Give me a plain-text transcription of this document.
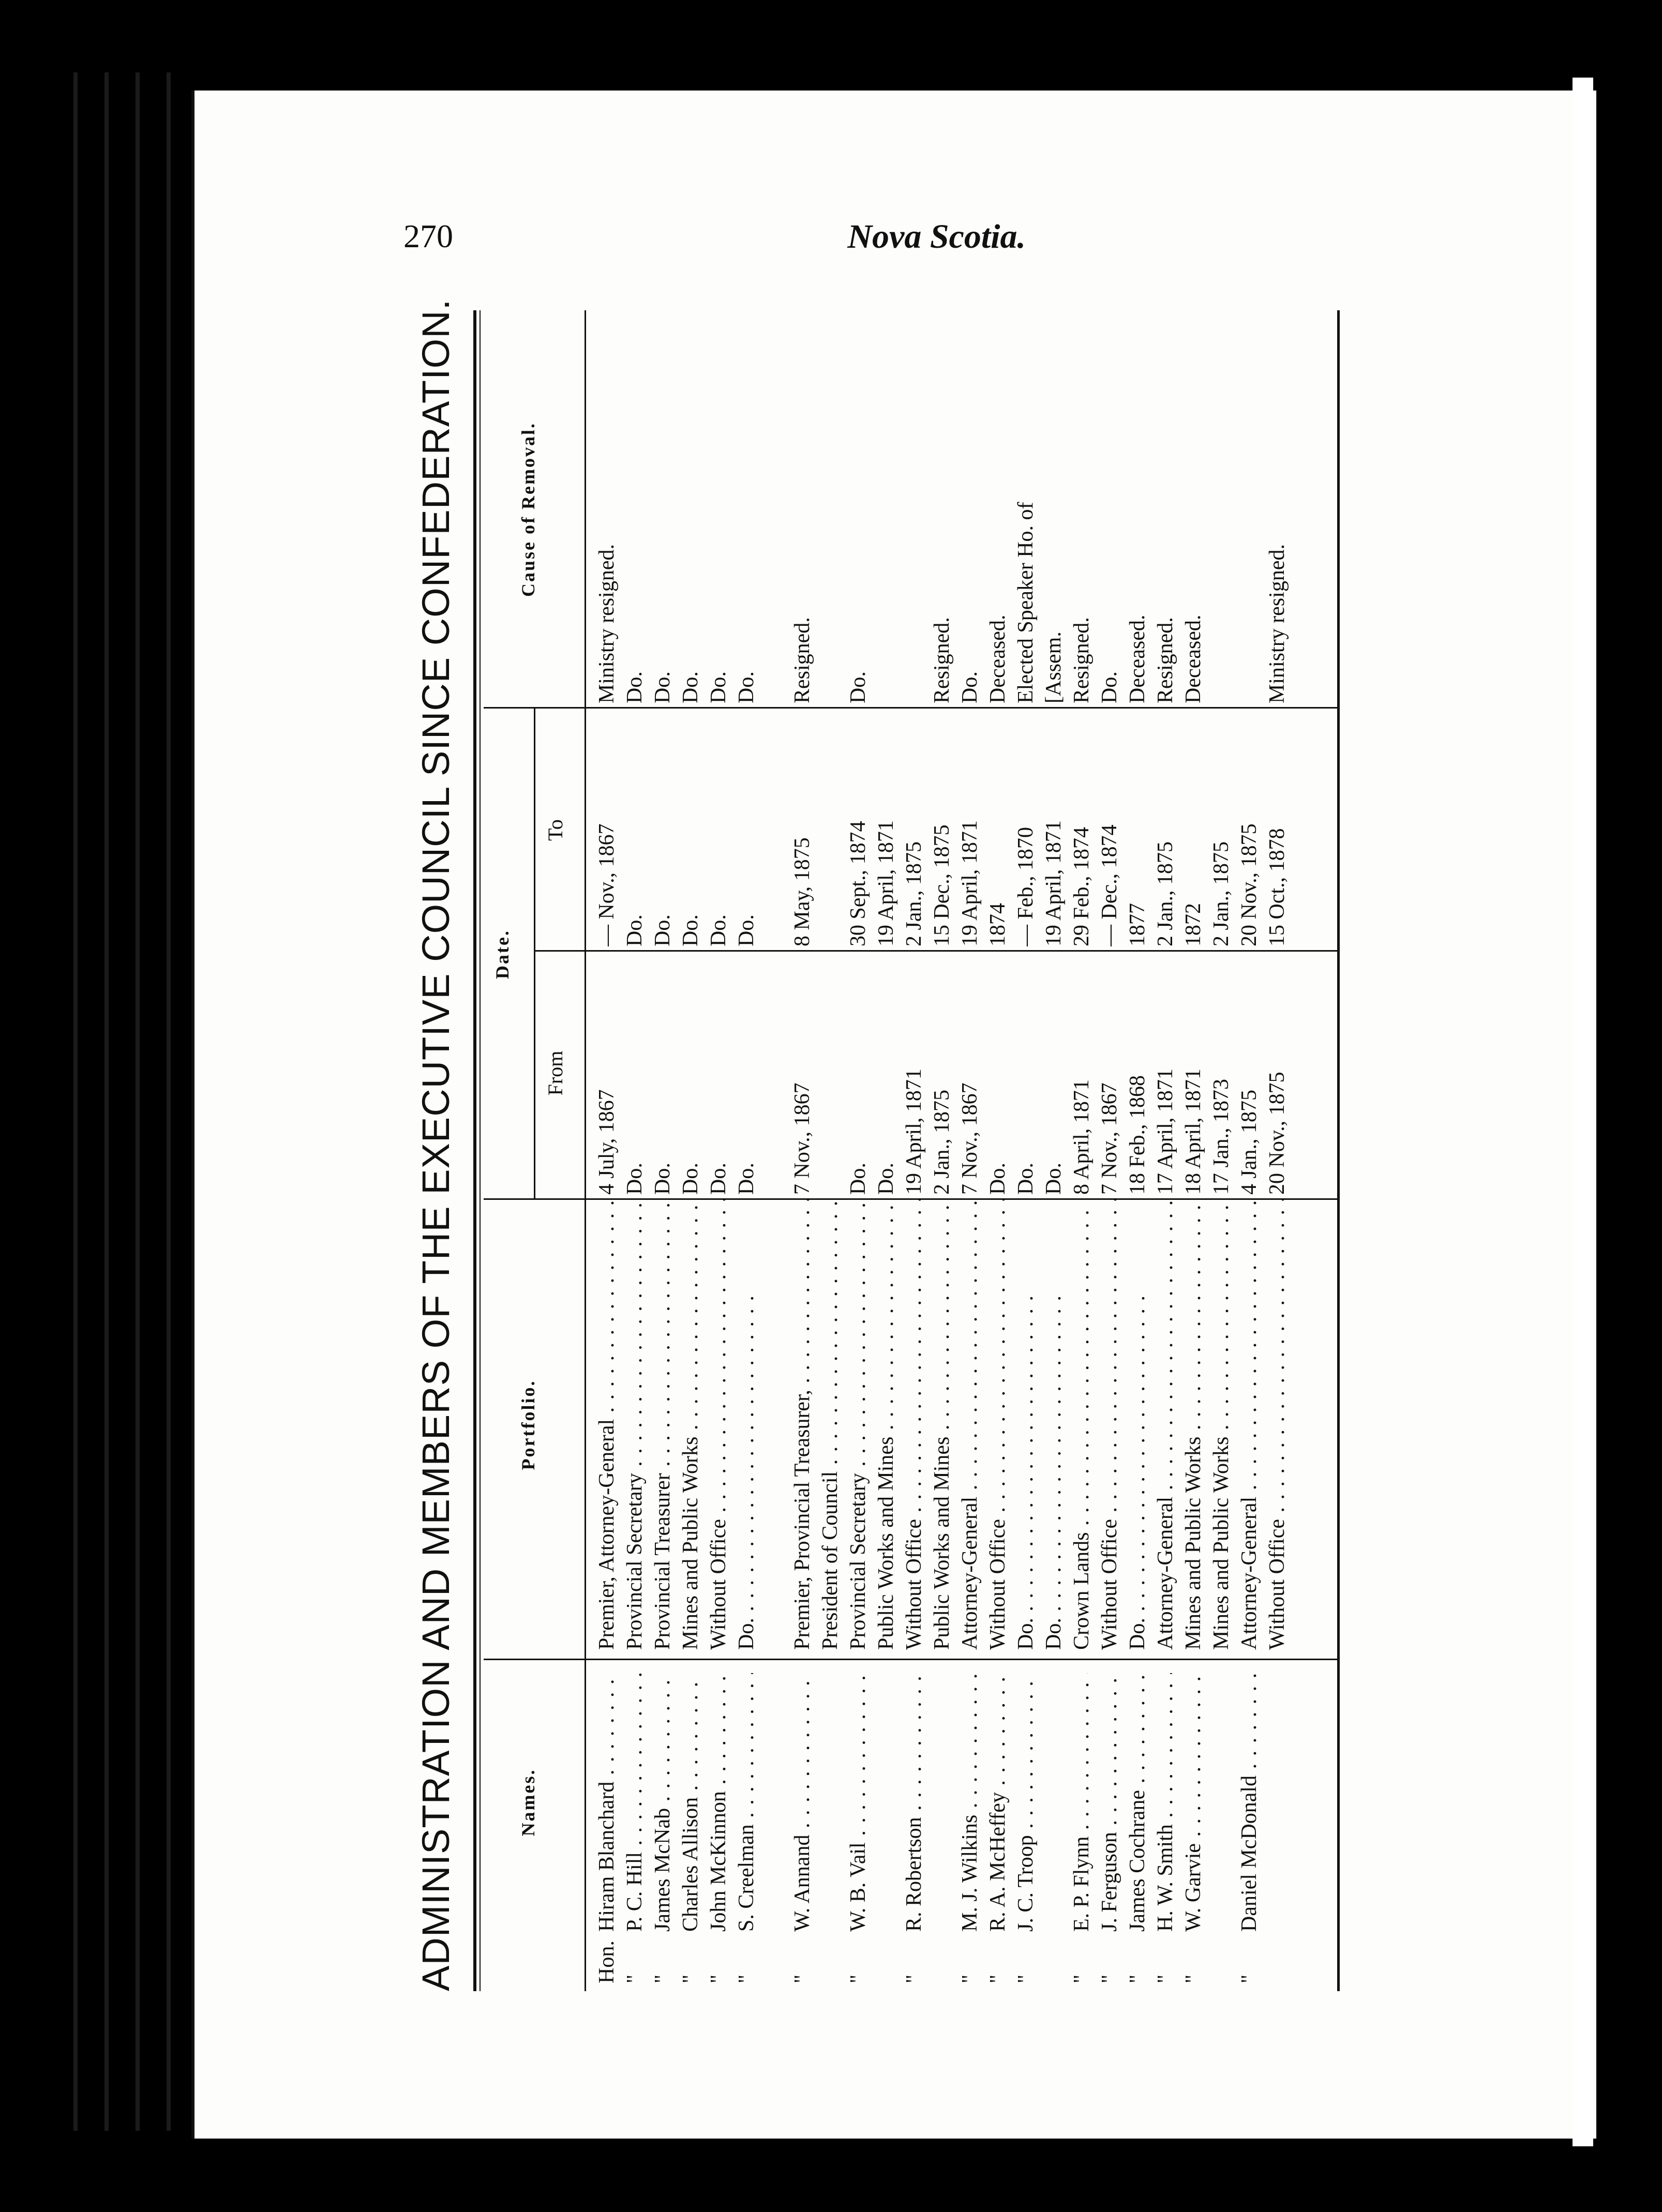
270	Nova Scotia.
ADMINISTRATION AND MEMBERS OF THE EXECUTIVE COUNCIL SINCE CONFEDERATION.	Names.
Portfolio.
Date.
From
To
Cause of Removal.
Hon.
Hiram Blanchard . . .
Premier, Attorney-General . . .
4 July, 1867
— Nov., 1867
Ministry resigned.
"
P. C. Hill . . .
Provincial Secretary . . .
Do.
Do.
Do.
"
James McNab . . .
Provincial Treasurer . . .
Do.
Do.
Do.
"
Charles Allison . . .
Mines and Public Works . . .
Do.
Do.
Do.
"
John McKinnon . . .
Without Office . . .
Do.
Do.
Do.
"
S. Creelman . . .
Do. . . .
Do.
Do.
Do.
"
W. Annand . . .
Premier, Provincial Treasurer, . . .
7 Nov., 1867
8 May, 1875
Resigned.
President of Council . . .
"
W. B. Vail . . .
Provincial Secretary . . .
Do.
30 Sept., 1874
Do.
Public Works and Mines . . .
Do.
19 April, 1871
"
R. Robertson . . .
Without Office . . .
19 April, 1871
2 Jan., 1875
Public Works and Mines . . .
2 Jan., 1875
15 Dec., 1875
Resigned.
"
M. J. Wilkins . . .
Attorney-General . . .
7 Nov., 1867
19 April, 1871
Do.
"
R. A. McHeffey . . .
Without Office . . .
Do.
1874
Deceased.
"
J. C. Troop . . .
Do. . . .
Do.
— Feb., 1870
Elected Speaker Ho. of
Do. . . .
Do.
19 April, 1871
[Assem.
"
E. P. Flynn . . .
Crown Lands . . .
8 April, 1871
29 Feb., 1874
Resigned.
"
J. Ferguson . . .
Without Office . . .
7 Nov., 1867
— Dec., 1874
Do.
"
James Cochrane . . .
Do. . . .
18 Feb., 1868
1877
Deceased.
"
H. W. Smith . . .
Attorney-General . . .
17 April, 1871
2 Jan., 1875
Resigned.
"
W. Garvie . . .
Mines and Public Works . . .
18 April, 1871
1872
Deceased.
Mines and Public Works . . .
17 Jan., 1873
2 Jan., 1875
"
Daniel McDonald . . .
Attorney-General . . .
4 Jan., 1875
20 Nov., 1875
Without Office . . .
20 Nov., 1875
15 Oct., 1878
Ministry resigned.
